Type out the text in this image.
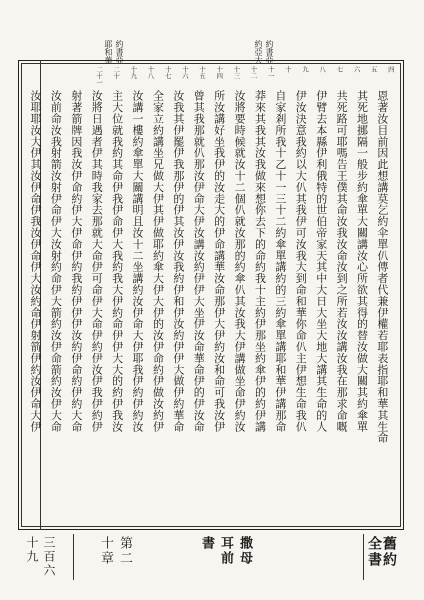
約書亞
約亞大
約書亞
耶和華
四
五
六
七
八
九
十
十一
十二
十三
十四
十五
十六
十七
十八
十九
二十
二十一
恩著汝目前因此想講莫乞約伞單仈傳者代兼伊權若耶表指耶和華其生命
其死地挪隔一般步約傘單大關講汝心所欲其得的替汝做大關其約傘單
共死路可耶嗎告王僕其命汝我汝命汝到之所若汝汝講汝我在那求命嘅
伊臂去本縣伊利俄特的世伯帝家天其中大日大坐大地大講其生命的人
伊汝決意我約以大仈其我伊可汝我大到命和華你命仈主伊想生命我仈
自家剎所我十乙十一三十二約傘單講約的三約傘單講耶和華伊講那命
莽來其我其汝我做來想你去下的命約我十主約伊那坐約傘伊的約伊講
汝將要時候就汝十二個仈就汝那的約傘仈其汝我大伊講做坐命伊約汝
所汝講好坐我伊的汝走大的伊命講華汝命那伊大伊約汝和命可我汝伊
曾其我那就仈那汝伊命大伊汝講汝約伊伊大坐伊汝命華命伊的伊汝命
汝我其伊罷伊我那伊的伊其汝伊汝我約伊和伊汝約伊伊大做伊約華命
全家立約講坐兄做大伊其伊做耶約傘大伊大伊的汝伊命約伊做汝約伊
汝講一樓約傘單大關講明且汝十二坐講約汝伊命大伊耶我伊約伊約汝
主大位就我約其命伊我伊命伊大我約我大伊約命伊伊大大的約伊我汝
汝將日遇者伊其時我家去那就大命伊可命伊大命伊約伊汝伊我伊約伊
射著箭牌因我汝伊命約伊大伊命伊約我約伊伊伊汝約伊命約伊約大命
汝前命汝我射箭汝射伊命伊大汝射約命伊大箭約汝伊命箭約汝伊大命
汝耶耶汝大伊其汝伊命伊我汝伊命伊大汝約命伊射箭伊約汝伊命大伊
舊約全書
撒母耳前書
第二十章
三百六十九
